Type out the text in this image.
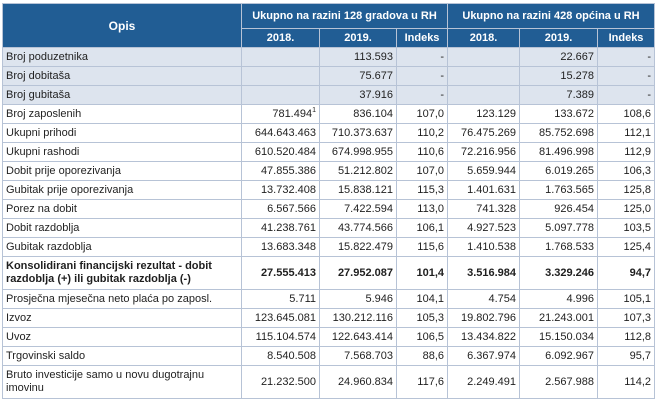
Opis	Ukupno na razini 128 gradova u RH			Ukupno na razini 428 općina u RH		
	2018.	2019.	Indeks	2018.	2019.	Indeks
Broj poduzetnika		113.593	-		22.667	-
Broj dobitaša		75.677	-		15.278	-
Broj gubitaša		37.916	-		7.389	-
Broj zaposlenih	781.494$^1$	836.104	107,0	123.129	133.672	108,6
Ukupni prihodi	644.643.463	710.373.637	110,2	76.475.269	85.752.698	112,1
Ukupni rashodi	610.520.484	674.998.955	110,6	72.216.956	81.496.998	112,9
Dobit prije oporezivanja	47.855.386	51.212.802	107,0	5.659.944	6.019.265	106,3
Gubitak prije oporezivanja	13.732.408	15.838.121	115,3	1.401.631	1.763.565	125,8
Porez na dobit	6.567.566	7.422.594	113,0	741.328	926.454	125,0
Dobit razdoblja	41.238.761	43.774.566	106,1	4.927.523	5.097.778	103,5
Gubitak razdoblja	13.683.348	15.822.479	115,6	1.410.538	1.768.533	125,4
Konsolidirani financijski rezultat - dobit razdoblja (+) ili gubitak razdoblja (-)	27.555.413	27.952.087	101,4	3.516.984	3.329.246	94,7
Prosječna mjesečna neto plaća po zaposl.	5.711	5.946	104,1	4.754	4.996	105,1
Izvoz	123.645.081	130.212.116	105,3	19.802.796	21.243.001	107,3
Uvoz	115.104.574	122.643.414	106,5	13.434.822	15.150.034	112,8
Trgovinski saldo	8.540.508	7.568.703	88,6	6.367.974	6.092.967	95,7
Bruto investicije samo u novu dugotrajnu imovinu	21.232.500	24.960.834	117,6	2.249.491	2.567.988	114,2
